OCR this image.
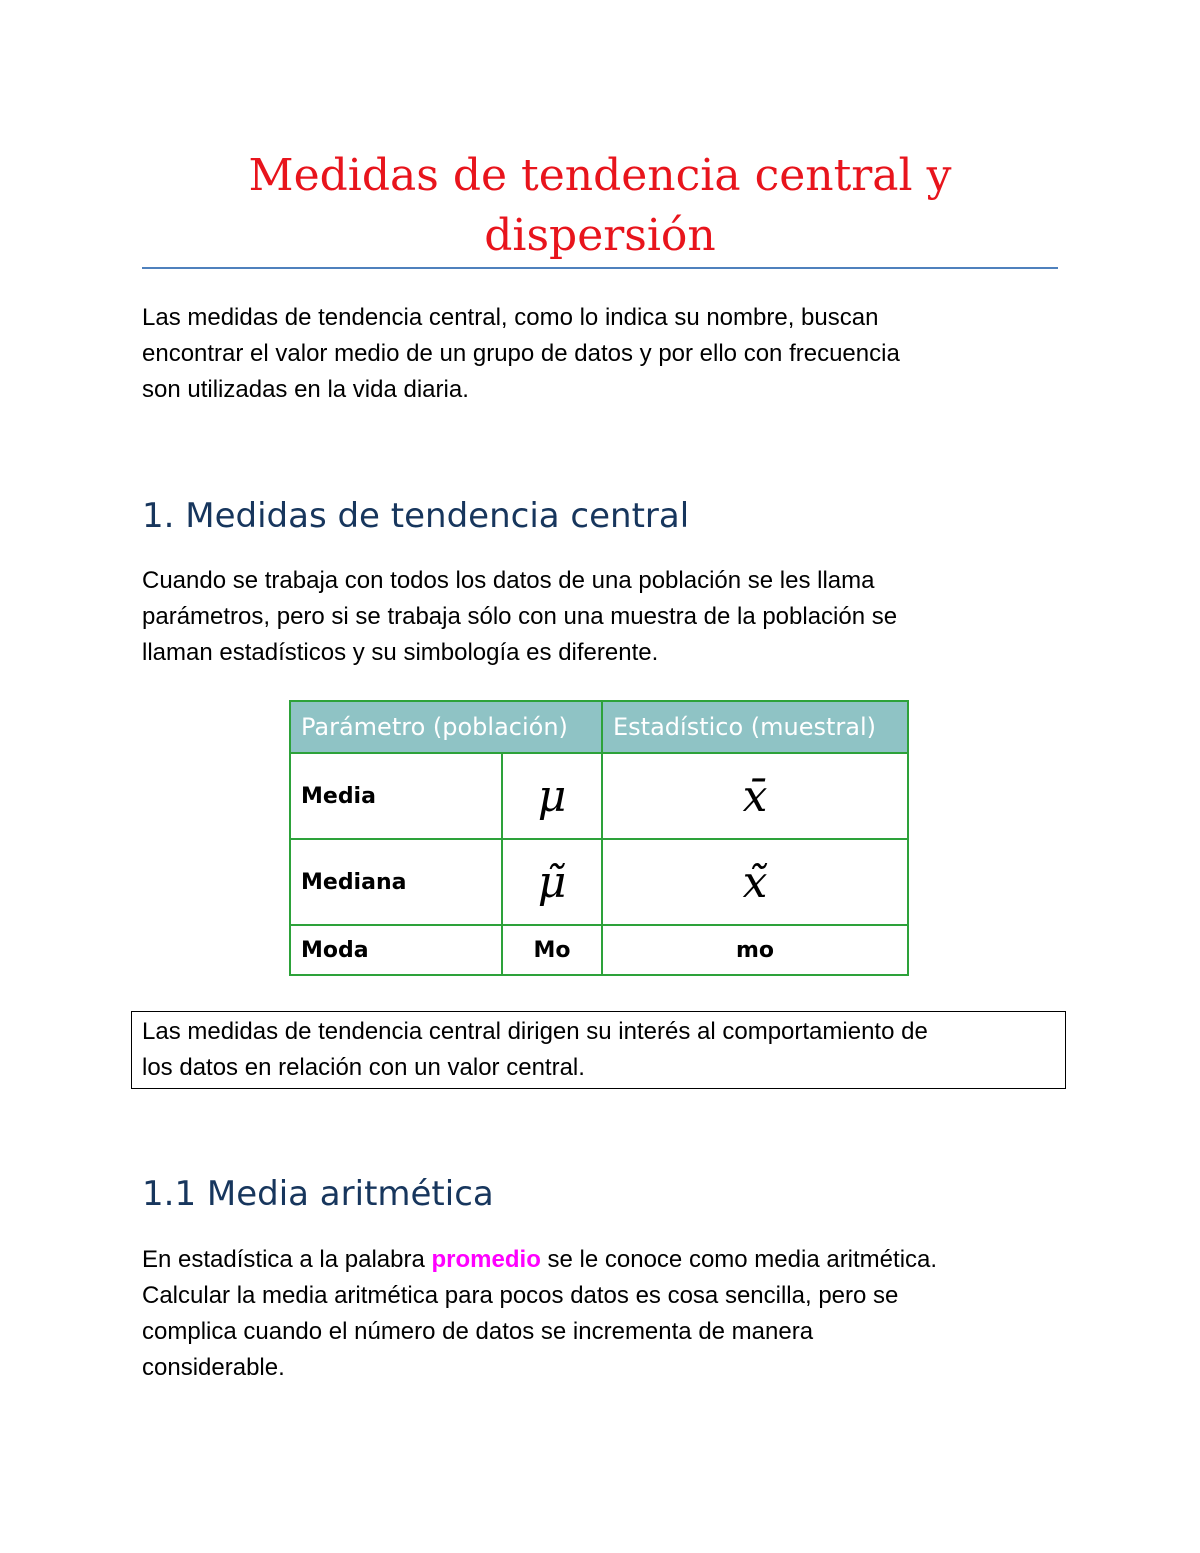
Medidas de tendencia central y
dispersión

Las medidas de tendencia central, como lo indica su nombre, buscan
encontrar el valor medio de un grupo de datos y por ello con frecuencia
son utilizadas en la vida diaria.

1. Medidas de tendencia central

Cuando se trabaja con todos los datos de una población se les llama
parámetros, pero si se trabaja sólo con una muestra de la población se
llaman estadísticos y su simbología es diferente.

Parámetro (población)		Estadístico (muestral)
Media	μ	x̄
Mediana	μ̃	x̃
Moda	Mo	mo
Las medidas de tendencia central dirigen su interés al comportamiento de
los datos en relación con un valor central.
1.1 Media aritmética

En estadística a la palabra promedio se le conoce como media aritmética.
Calcular la media aritmética para pocos datos es cosa sencilla, pero se
complica cuando el número de datos se incrementa de manera
considerable.
